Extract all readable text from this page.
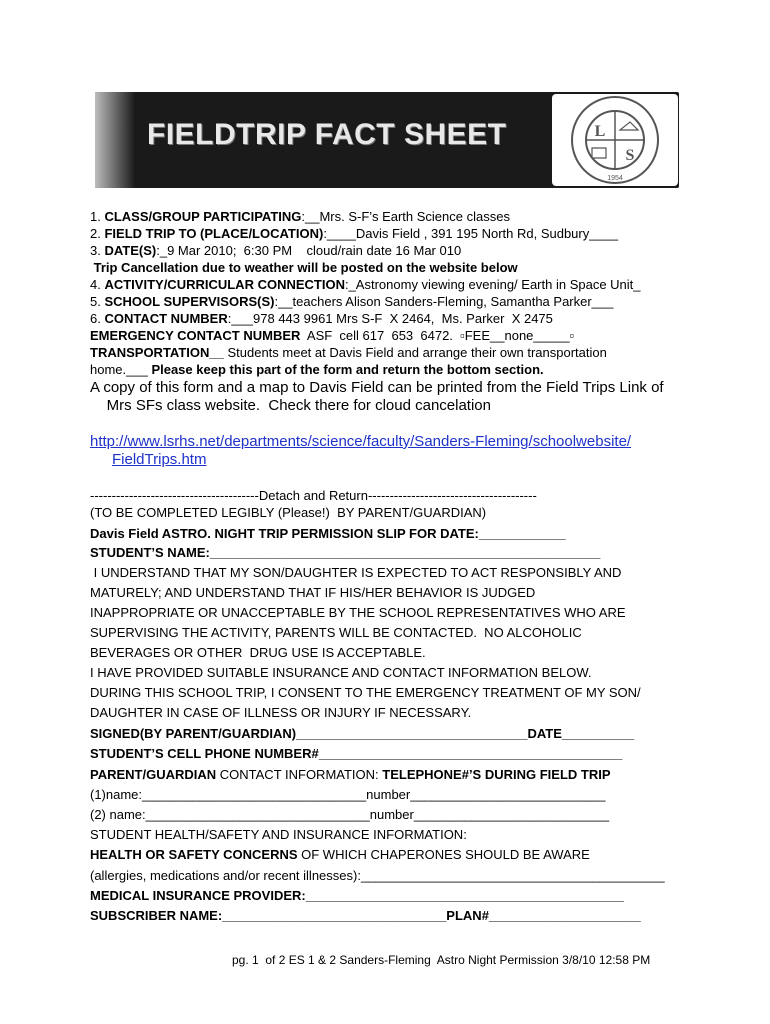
FIELDTRIP FACT SHEET	L
S
1954
1. CLASS/GROUP PARTICIPATING:__Mrs. S-F’s Earth Science classes
2. FIELD TRIP TO (PLACE/LOCATION):____Davis Field , 391 195 North Rd, Sudbury____
3. DATE(S):_9 Mar 2010;  6:30 PM    cloud/rain date 16 Mar 010
Trip Cancellation due to weather will be posted on the website below
4. ACTIVITY/CURRICULAR CONNECTION:_Astronomy viewing evening/ Earth in Space Unit_
5. SCHOOL SUPERVISORS(S):__teachers Alison Sanders-Fleming, Samantha Parker___
6. CONTACT NUMBER:___978 443 9961 Mrs S-F  X 2464,  Ms. Parker  X 2475
EMERGENCY CONTACT NUMBER  ASF  cell 617  653  6472.  ▫FEE__none_____▫
TRANSPORTATION__ Students meet at Davis Field and arrange their own transportation
home.___ Please keep this part of the form and return the bottom section.
A copy of this form and a map to Davis Field can be printed from the Field Trips Link of
Mrs SFs class website.  Check there for cloud cancelation
http://www.lsrhs.net/departments/science/faculty/Sanders-Fleming/schoolwebsite/
FieldTrips.htm
---------------------------------------Detach and Return---------------------------------------
(TO BE COMPLETED LEGIBLY (Please!)  BY PARENT/GUARDIAN)
Davis Field ASTRO. NIGHT TRIP PERMISSION SLIP FOR DATE:____________
STUDENT’S NAME:______________________________________________________
I UNDERSTAND THAT MY SON/DAUGHTER IS EXPECTED TO ACT RESPONSIBLY AND
MATURELY; AND UNDERSTAND THAT IF HIS/HER BEHAVIOR IS JUDGED
INAPPROPRIATE OR UNACCEPTABLE BY THE SCHOOL REPRESENTATIVES WHO ARE
SUPERVISING THE ACTIVITY, PARENTS WILL BE CONTACTED.  NO ALCOHOLIC
BEVERAGES OR OTHER  DRUG USE IS ACCEPTABLE.
I HAVE PROVIDED SUITABLE INSURANCE AND CONTACT INFORMATION BELOW.
DURING THIS SCHOOL TRIP, I CONSENT TO THE EMERGENCY TREATMENT OF MY SON/
DAUGHTER IN CASE OF ILLNESS OR INJURY IF NECESSARY.
SIGNED(BY PARENT/GUARDIAN)________________________________DATE__________
STUDENT’S CELL PHONE NUMBER#__________________________________________
PARENT/GUARDIAN CONTACT INFORMATION: TELEPHONE#’S DURING FIELD TRIP
(1)name:_______________________________number___________________________
(2) name:_______________________________number___________________________
STUDENT HEALTH/SAFETY AND INSURANCE INFORMATION:
HEALTH OR SAFETY CONCERNS OF WHICH CHAPERONES SHOULD BE AWARE
(allergies, medications and/or recent illnesses):__________________________________________
MEDICAL INSURANCE PROVIDER:____________________________________________
SUBSCRIBER NAME:_______________________________PLAN#_____________________
pg. 1  of 2 ES 1 & 2 Sanders-Fleming  Astro Night Permission 3/8/10 12:58 PM
